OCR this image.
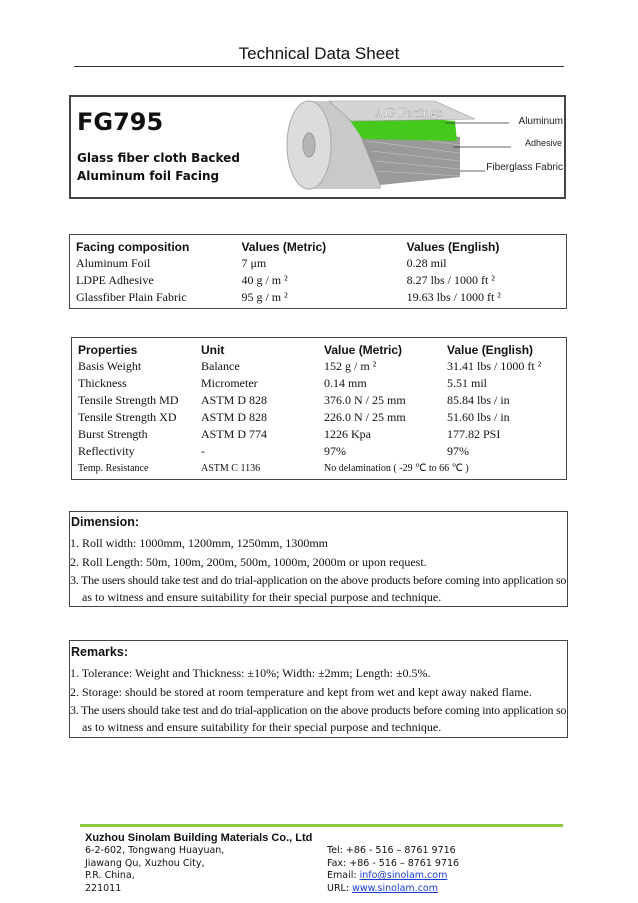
Technical Data Sheet
FG795
Glass fiber cloth Backed Aluminum foil Facing
AG Facings
Aluminum
Adhesive
Fiberglass Fabric
Facing composition	Values (Metric)	Values (English)
Aluminum Foil	7 μm	0.28 mil
LDPE Adhesive	40 g / m ²	8.27 lbs / 1000 ft ²
Glassfiber Plain Fabric	95 g / m ²	19.63 lbs / 1000 ft ²
Properties	Unit	Value (Metric)	Value (English)
Basis Weight	Balance	152 g / m ²	31.41 lbs / 1000 ft ²
Thickness	Micrometer	0.14 mm	5.51 mil
Tensile Strength MD	ASTM D 828	376.0 N / 25 mm	85.84 lbs / in
Tensile Strength XD	ASTM D 828	226.0 N / 25 mm	51.60 lbs / in
Burst Strength	ASTM D 774	1226 Kpa	177.82 PSI
Reflectivity	-	97%	97%
Temp. Resistance	ASTM C 1136	No delamination ( -29 ℃ to 66 ℃ )	
Dimension:
1. Roll width: 1000mm, 1200mm, 1250mm, 1300mm
2. Roll Length: 50m, 100m, 200m, 500m, 1000m, 2000m or upon request.
3. The users should take test and do trial-application on the above products before coming into application so
as to witness and ensure suitability for their special purpose and technique.
Remarks:
1. Tolerance: Weight and Thickness: ±10%; Width: ±2mm; Length: ±0.5%.
2. Storage: should be stored at room temperature and kept from wet and kept away naked flame.
3. The users should take test and do trial-application on the above products before coming into application so
as to witness and ensure suitability for their special purpose and technique.
Xuzhou Sinolam Building Materials Co., Ltd
6-2-602, Tongwang Huayuan,
Jiawang Qu, Xuzhou City,
P.R. China,
221011
Tel: +86 - 516 – 8761 9716
Fax: +86 - 516 – 8761 9716
Email: info@sinolam.com
URL: www.sinolam.com
